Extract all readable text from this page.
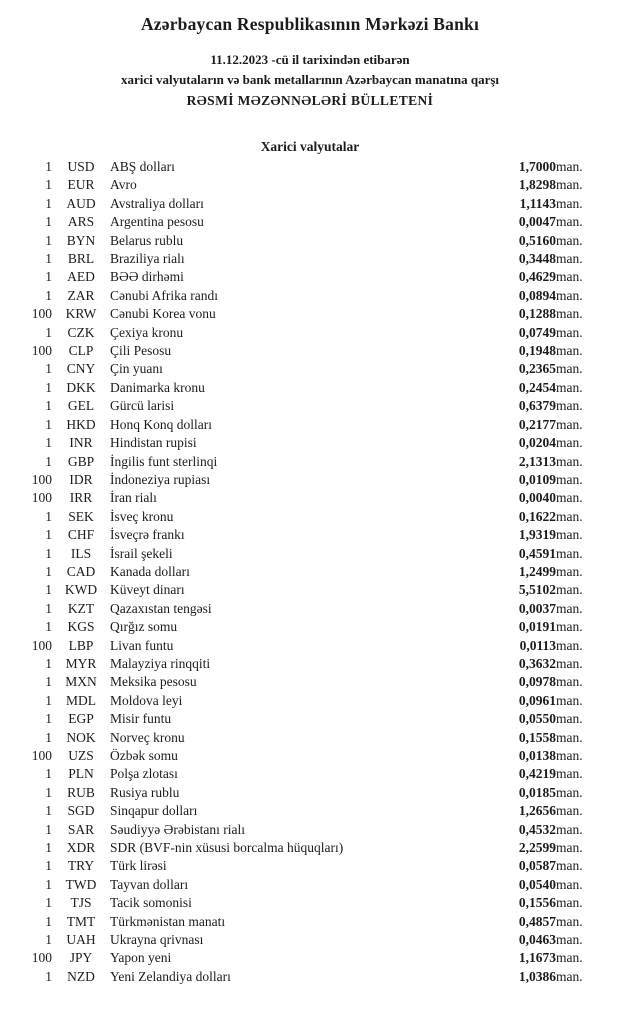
Azərbaycan Respublikasının Mərkəzi Bankı

11.12.2023 -cü il tarixindən etibarən

xarici valyutaların və bank metallarının Azərbaycan manatına qarşı

RƏSMİ MƏZƏNNƏLƏRİ BÜLLETENİ

Xarici valyutalar
1	USD	ABŞ dolları	1,7000	man.
1	EUR	Avro	1,8298	man.
1	AUD	Avstraliya dolları	1,1143	man.
1	ARS	Argentina pesosu	0,0047	man.
1	BYN	Belarus rublu	0,5160	man.
1	BRL	Braziliya rialı	0,3448	man.
1	AED	BƏƏ dirhəmi	0,4629	man.
1	ZAR	Cənubi Afrika randı	0,0894	man.
100	KRW	Cənubi Korea vonu	0,1288	man.
1	CZK	Çexiya kronu	0,0749	man.
100	CLP	Çili Pesosu	0,1948	man.
1	CNY	Çin yuanı	0,2365	man.
1	DKK	Danimarka kronu	0,2454	man.
1	GEL	Gürcü larisi	0,6379	man.
1	HKD	Honq Konq dolları	0,2177	man.
1	INR	Hindistan rupisi	0,0204	man.
1	GBP	İngilis funt sterlinqi	2,1313	man.
100	IDR	İndoneziya rupiası	0,0109	man.
100	IRR	İran rialı	0,0040	man.
1	SEK	İsveç kronu	0,1622	man.
1	CHF	İsveçrə frankı	1,9319	man.
1	ILS	İsrail şekeli	0,4591	man.
1	CAD	Kanada dolları	1,2499	man.
1	KWD	Küveyt dinarı	5,5102	man.
1	KZT	Qazaxıstan tengəsi	0,0037	man.
1	KGS	Qırğız somu	0,0191	man.
100	LBP	Livan funtu	0,0113	man.
1	MYR	Malayziya rinqqiti	0,3632	man.
1	MXN	Meksika pesosu	0,0978	man.
1	MDL	Moldova leyi	0,0961	man.
1	EGP	Misir funtu	0,0550	man.
1	NOK	Norveç kronu	0,1558	man.
100	UZS	Özbək somu	0,0138	man.
1	PLN	Polşa zlotası	0,4219	man.
1	RUB	Rusiya rublu	0,0185	man.
1	SGD	Sinqapur dolları	1,2656	man.
1	SAR	Səudiyyə Ərəbistanı rialı	0,4532	man.
1	XDR	SDR (BVF-nin xüsusi borcalma hüquqları)	2,2599	man.
1	TRY	Türk lirəsi	0,0587	man.
1	TWD	Tayvan dolları	0,0540	man.
1	TJS	Tacik somonisi	0,1556	man.
1	TMT	Türkmənistan manatı	0,4857	man.
1	UAH	Ukrayna qrivnası	0,0463	man.
100	JPY	Yapon yeni	1,1673	man.
1	NZD	Yeni Zelandiya dolları	1,0386	man.
